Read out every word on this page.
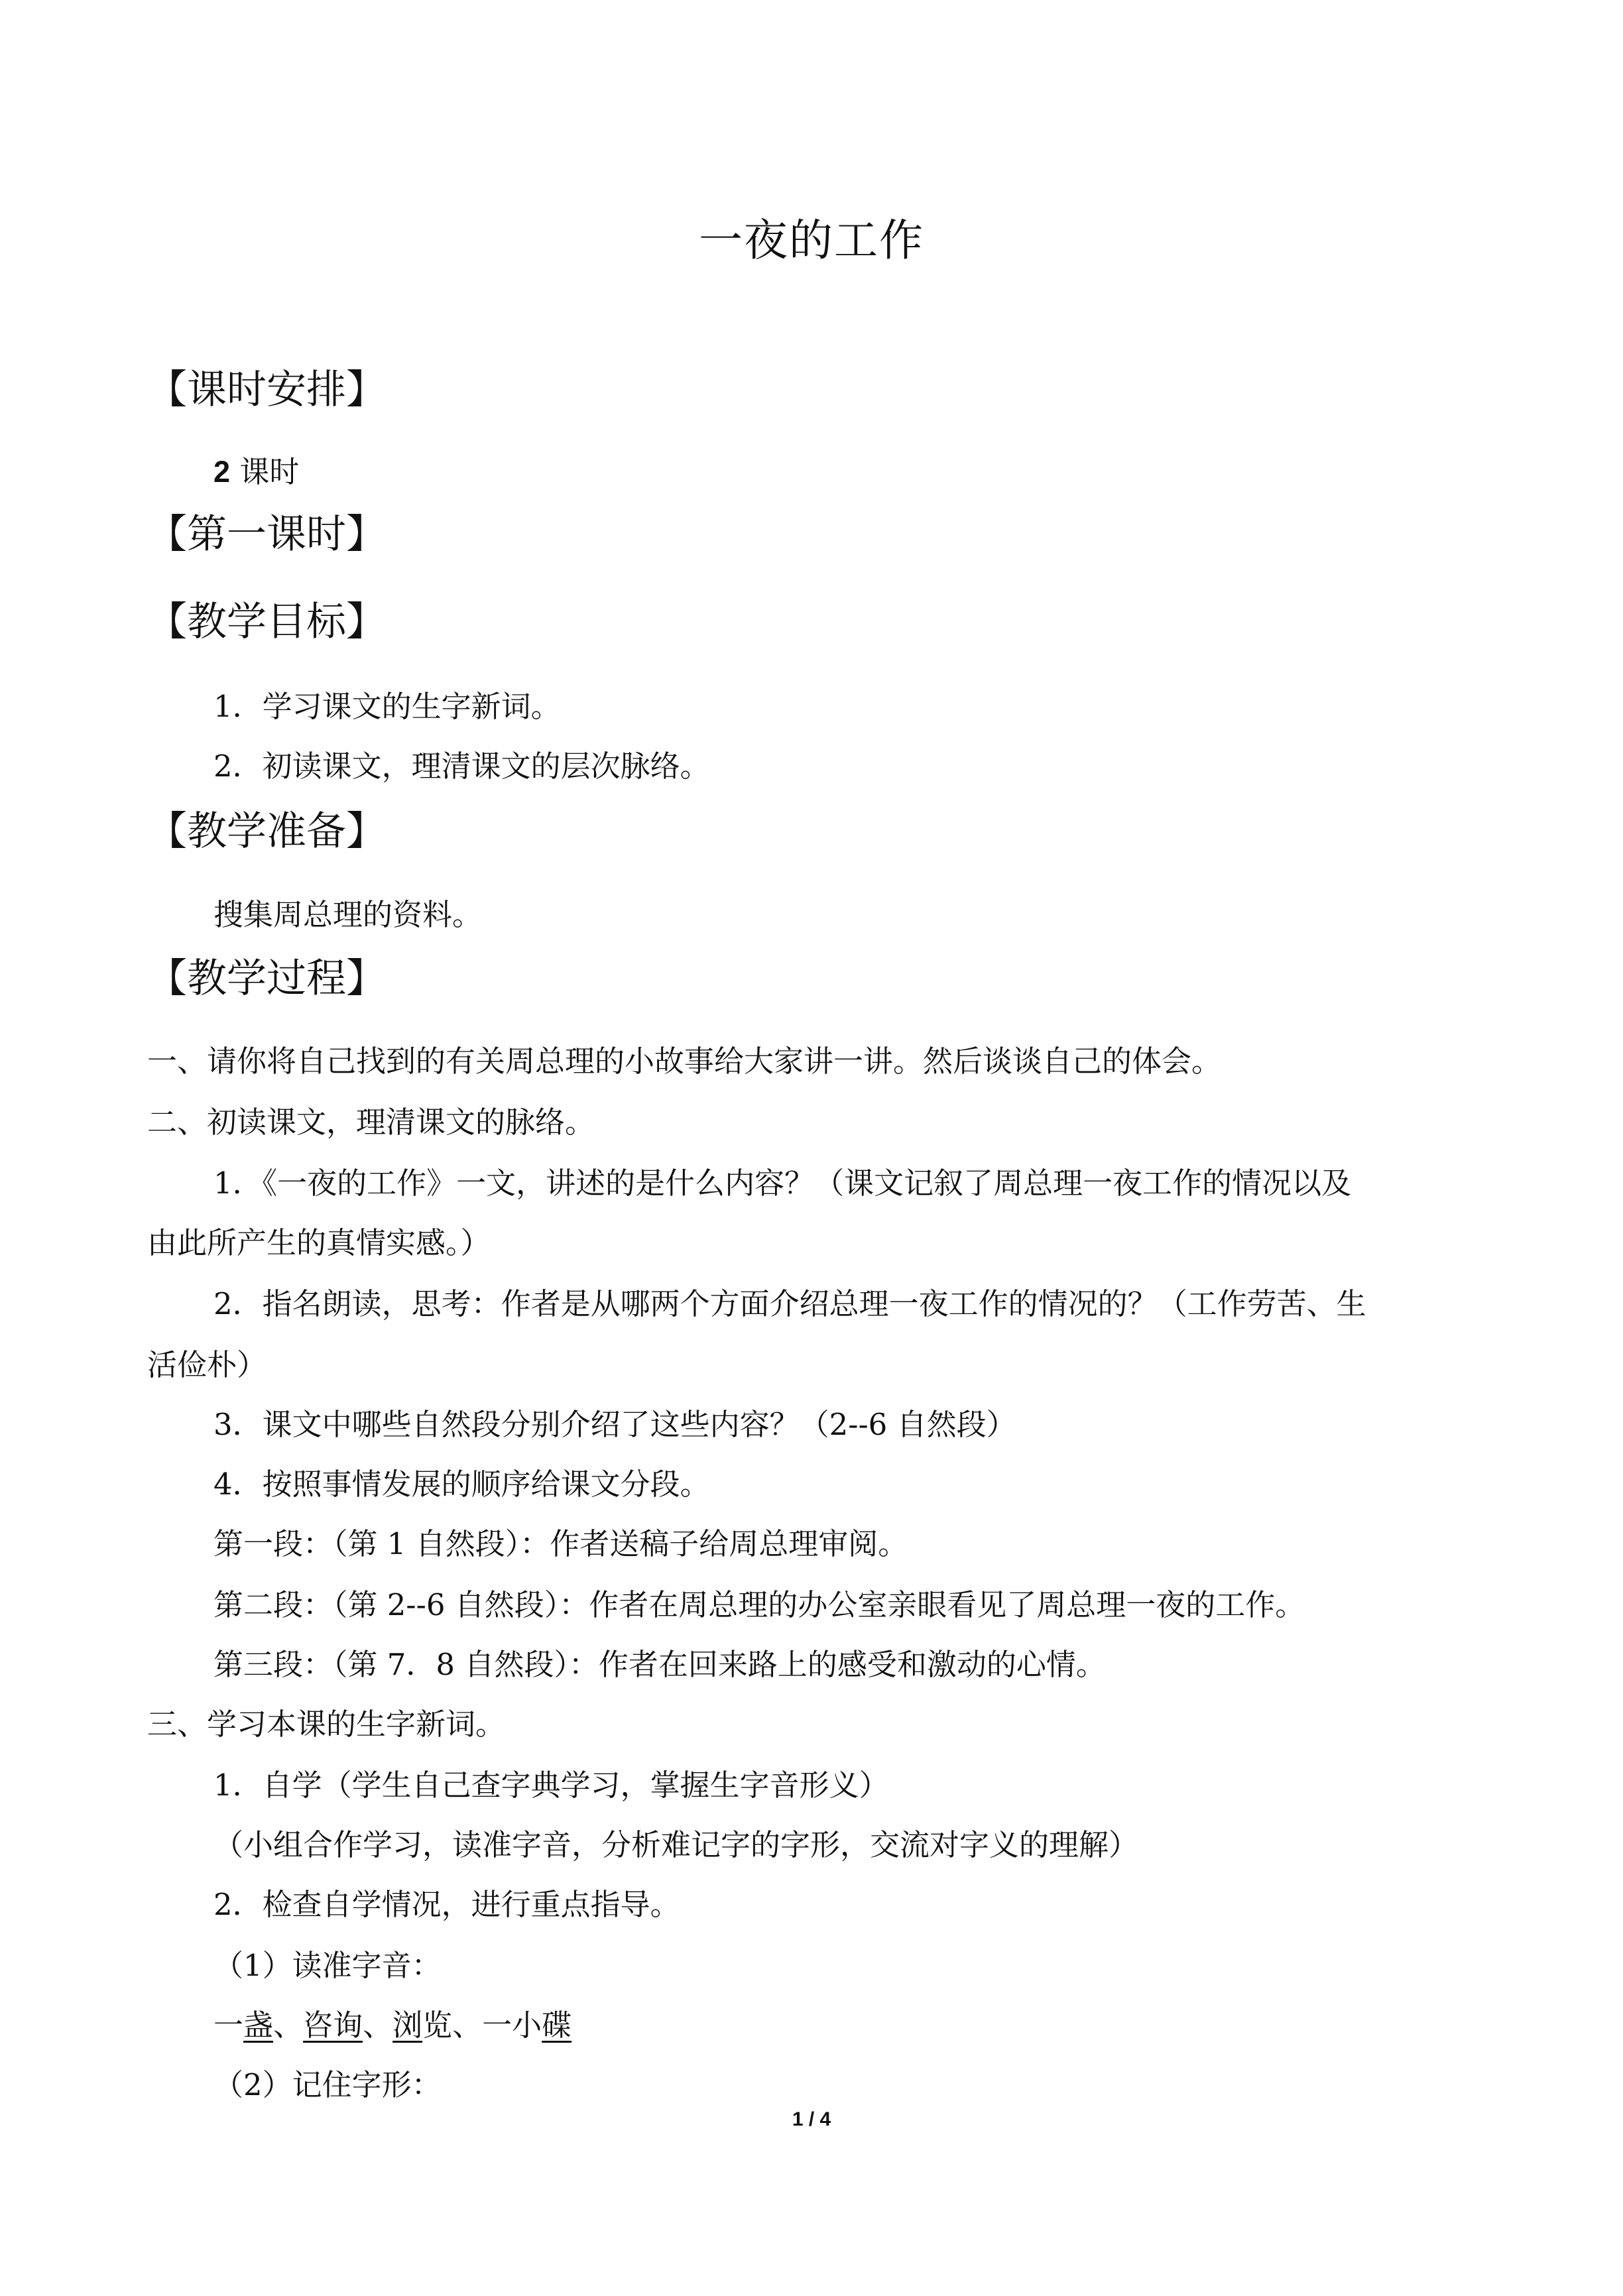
一夜的工作
【课时安排】
2 课时
【第一课时】
【教学目标】
1．学习课文的生字新词。
2．初读课文，理清课文的层次脉络。
【教学准备】
搜集周总理的资料。
【教学过程】
一、请你将自己找到的有关周总理的小故事给大家讲一讲。然后谈谈自己的体会。
二、初读课文，理清课文的脉络。
1．《一夜的工作》一文，讲述的是什么内容？（课文记叙了周总理一夜工作的情况以及
由此所产生的真情实感。）
2．指名朗读，思考：作者是从哪两个方面介绍总理一夜工作的情况的？（工作劳苦、生
活俭朴）
3．课文中哪些自然段分别介绍了这些内容？（2--6 自然段）
4．按照事情发展的顺序给课文分段。
第一段：（第 1 自然段）：作者送稿子给周总理审阅。
第二段：（第 2--6 自然段）：作者在周总理的办公室亲眼看见了周总理一夜的工作。
第三段：（第 7．8 自然段）：作者在回来路上的感受和激动的心情。
三、学习本课的生字新词。
1．自学（学生自己查字典学习，掌握生字音形义）
（小组合作学习，读准字音，分析难记字的字形，交流对字义的理解）
2．检查自学情况，进行重点指导。
（1）读准字音：
一盏、咨询、浏览、一小碟
（2）记住字形：
1 / 4
